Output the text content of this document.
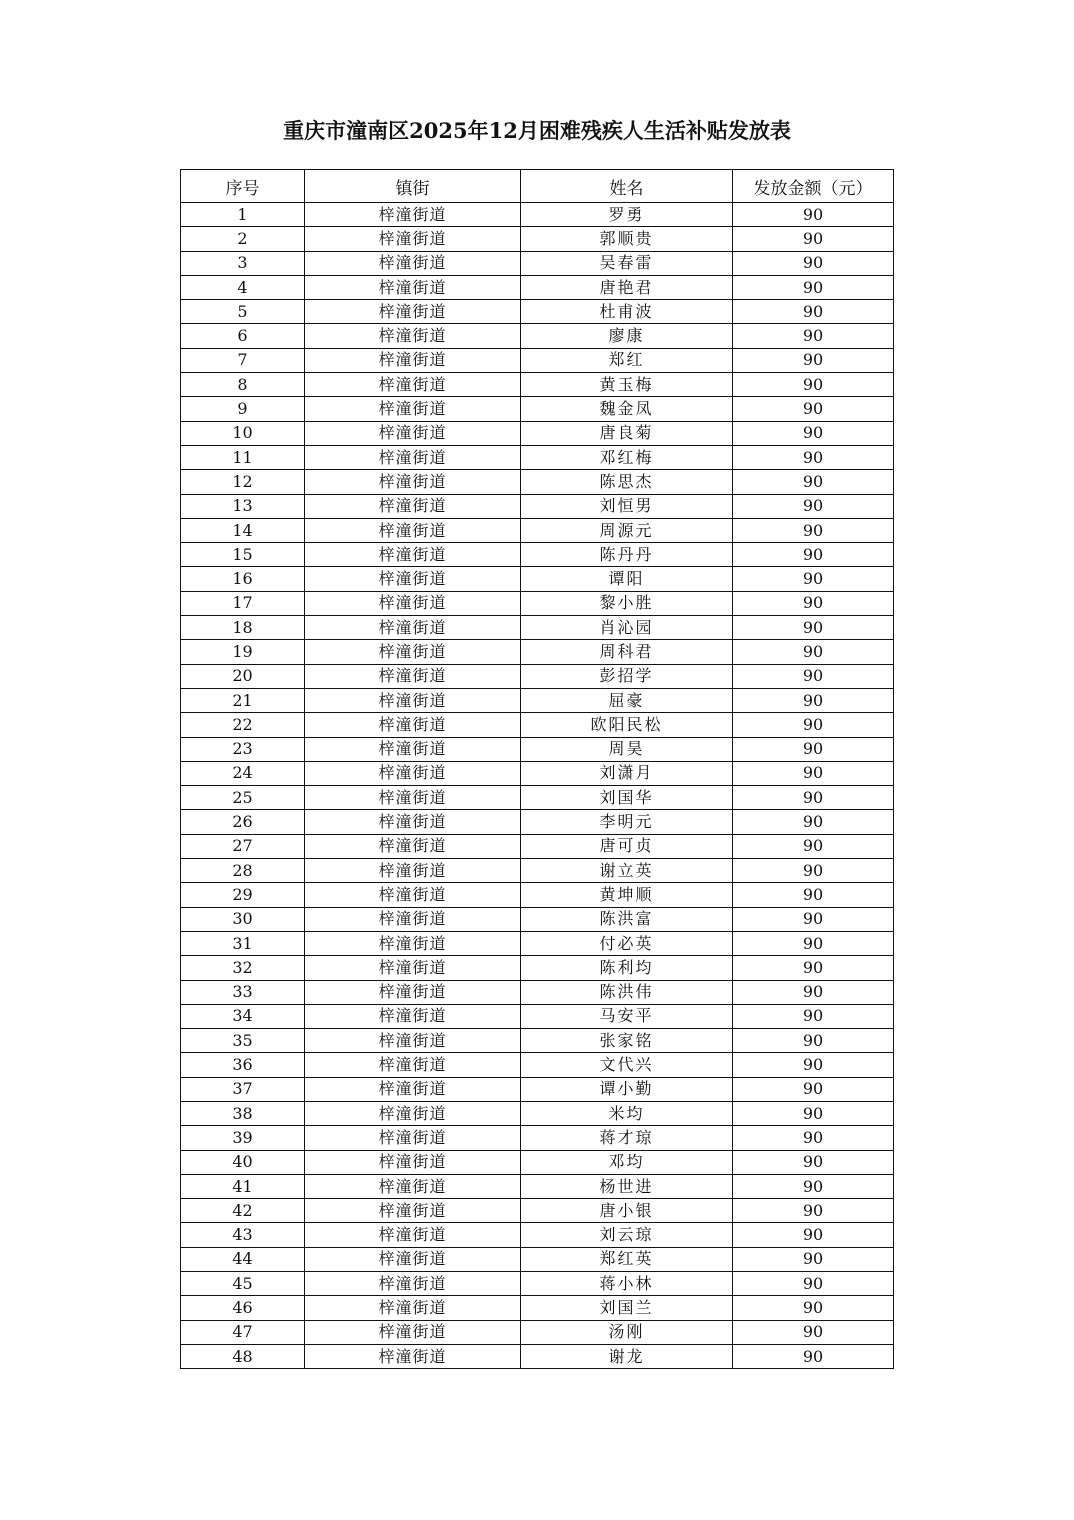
重庆市潼南区2025年12月困难残疾人生活补贴发放表
序号	镇街	姓名	发放金额（元）
1	梓潼街道	罗勇	90
2	梓潼街道	郭顺贵	90
3	梓潼街道	吴春雷	90
4	梓潼街道	唐艳君	90
5	梓潼街道	杜甫波	90
6	梓潼街道	廖康	90
7	梓潼街道	郑红	90
8	梓潼街道	黄玉梅	90
9	梓潼街道	魏金凤	90
10	梓潼街道	唐良菊	90
11	梓潼街道	邓红梅	90
12	梓潼街道	陈思杰	90
13	梓潼街道	刘恒男	90
14	梓潼街道	周源元	90
15	梓潼街道	陈丹丹	90
16	梓潼街道	谭阳	90
17	梓潼街道	黎小胜	90
18	梓潼街道	肖沁园	90
19	梓潼街道	周科君	90
20	梓潼街道	彭招学	90
21	梓潼街道	屈豪	90
22	梓潼街道	欧阳民松	90
23	梓潼街道	周昊	90
24	梓潼街道	刘潇月	90
25	梓潼街道	刘国华	90
26	梓潼街道	李明元	90
27	梓潼街道	唐可贞	90
28	梓潼街道	谢立英	90
29	梓潼街道	黄坤顺	90
30	梓潼街道	陈洪富	90
31	梓潼街道	付必英	90
32	梓潼街道	陈利均	90
33	梓潼街道	陈洪伟	90
34	梓潼街道	马安平	90
35	梓潼街道	张家铭	90
36	梓潼街道	文代兴	90
37	梓潼街道	谭小勤	90
38	梓潼街道	米均	90
39	梓潼街道	蒋才琼	90
40	梓潼街道	邓均	90
41	梓潼街道	杨世进	90
42	梓潼街道	唐小银	90
43	梓潼街道	刘云琼	90
44	梓潼街道	郑红英	90
45	梓潼街道	蒋小林	90
46	梓潼街道	刘国兰	90
47	梓潼街道	汤刚	90
48	梓潼街道	谢龙	90
